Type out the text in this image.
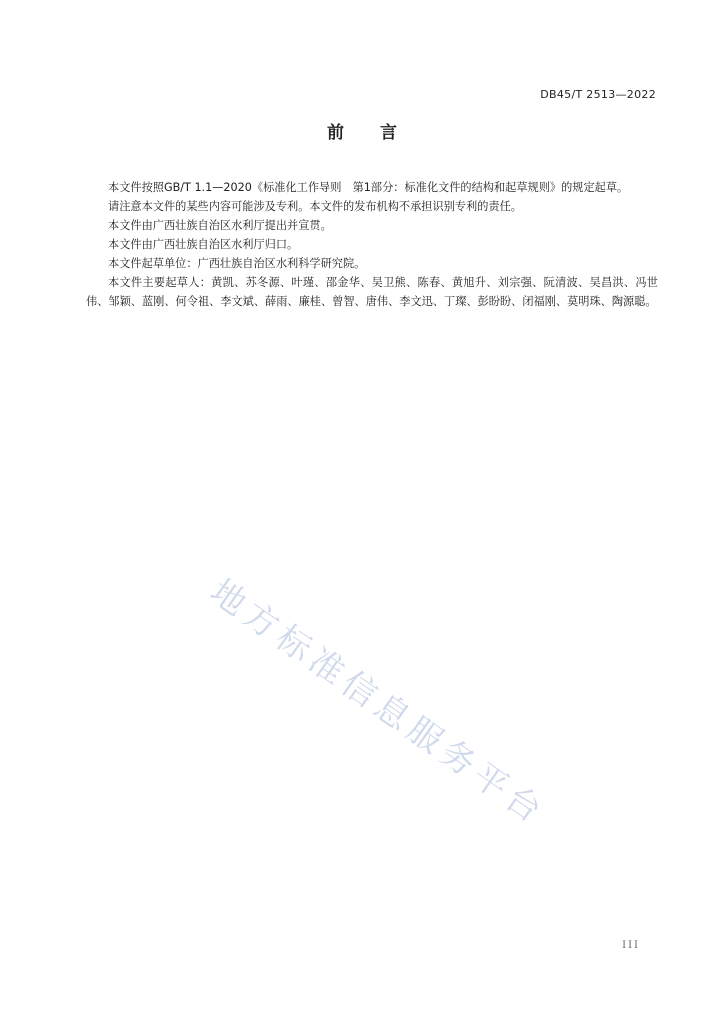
DB45/T 2513—2022
前 言

本文件按照GB/T 1.1—2020《标准化工作导则　第1部分：标准化文件的结构和起草规则》的规定起草。

请注意本文件的某些内容可能涉及专利。本文件的发布机构不承担识别专利的责任。

本文件由广西壮族自治区水利厅提出并宣贯。

本文件由广西壮族自治区水利厅归口。

本文件起草单位：广西壮族自治区水利科学研究院。

本文件主要起草人：黄凯、苏冬源、叶瑾、邵金华、吴卫熊、陈春、黄旭升、刘宗强、阮清波、吴昌洪、冯世伟、邹颖、蓝刚、何令祖、李文斌、薛雨、廉桂、曾智、唐伟、李文迅、丁璨、彭盼盼、闭福刚、莫明珠、陶源聪。

地方标准信息服务平台
III
